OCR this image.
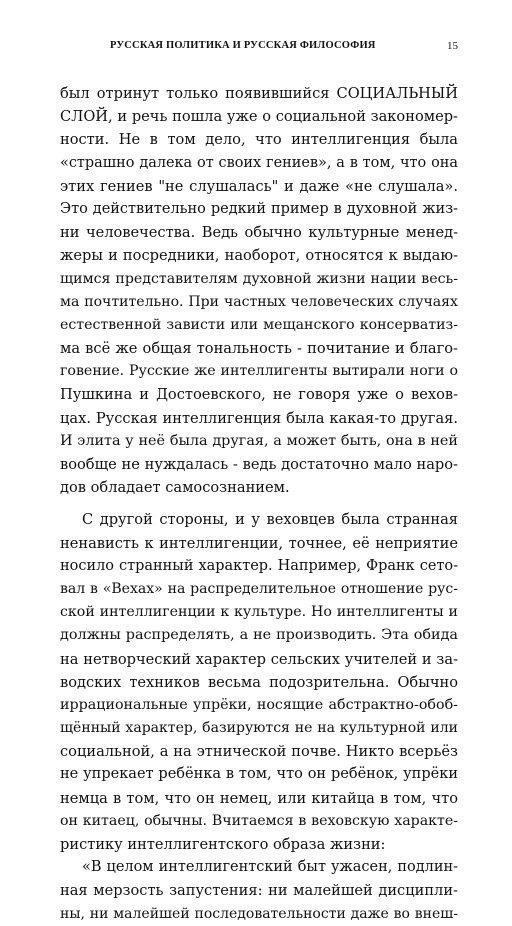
РУССКАЯ ПОЛИТИКА И РУССКАЯ ФИЛОСОФИЯ	15
был отринут только появившийся СОЦИАЛЬНЫЙ
СЛОЙ, и речь пошла уже о социальной закономер-
ности. Не в том дело, что интеллигенция была
«страшно далека от своих гениев», а в том, что она
этих гениев "не слушалась" и даже «не слушала».
Это действительно редкий пример в духовной жиз-
ни человечества. Ведь обычно культурные менед-
жеры и посредники, наоборот, относятся к выдаю-
щимся представителям духовной жизни нации весь-
ма почтительно. При частных человеческих случаях
естественной зависти или мещанского консерватиз-
ма всё же общая тональность - почитание и благо-
говение. Русские же интеллигенты вытирали ноги о
Пушкина и Достоевского, не говоря уже о вехов-
цах. Русская интеллигенция была какая-то другая.
И элита у неё была другая, а может быть, она в ней
вообще не нуждалась - ведь достаточно мало наро-
дов обладает самосознанием.
С другой стороны, и у веховцев была странная
ненависть к интеллигенции, точнее, её неприятие
носило странный характер. Например, Франк сето-
вал в «Вехах» на распределительное отношение рус-
ской интеллигенции к культуре. Но интеллигенты и
должны распределять, а не производить. Эта обида
на нетворческий характер сельских учителей и за-
водских техников весьма подозрительна. Обычно
иррациональные упрёки, носящие абстрактно-обоб-
щённый характер, базируются не на культурной или
социальной, а на этнической почве. Никто всерьёз
не упрекает ребёнка в том, что он ребёнок, упрёки
немца в том, что он немец, или китайца в том, что
он китаец, обычны. Вчитаемся в веховскую характе-
ристику интеллигентского образа жизни:
«В целом интеллигентский быт ужасен, подлин-
ная мерзость запустения: ни малейшей дисципли-
ны, ни малейшей последовательности даже во внеш-
